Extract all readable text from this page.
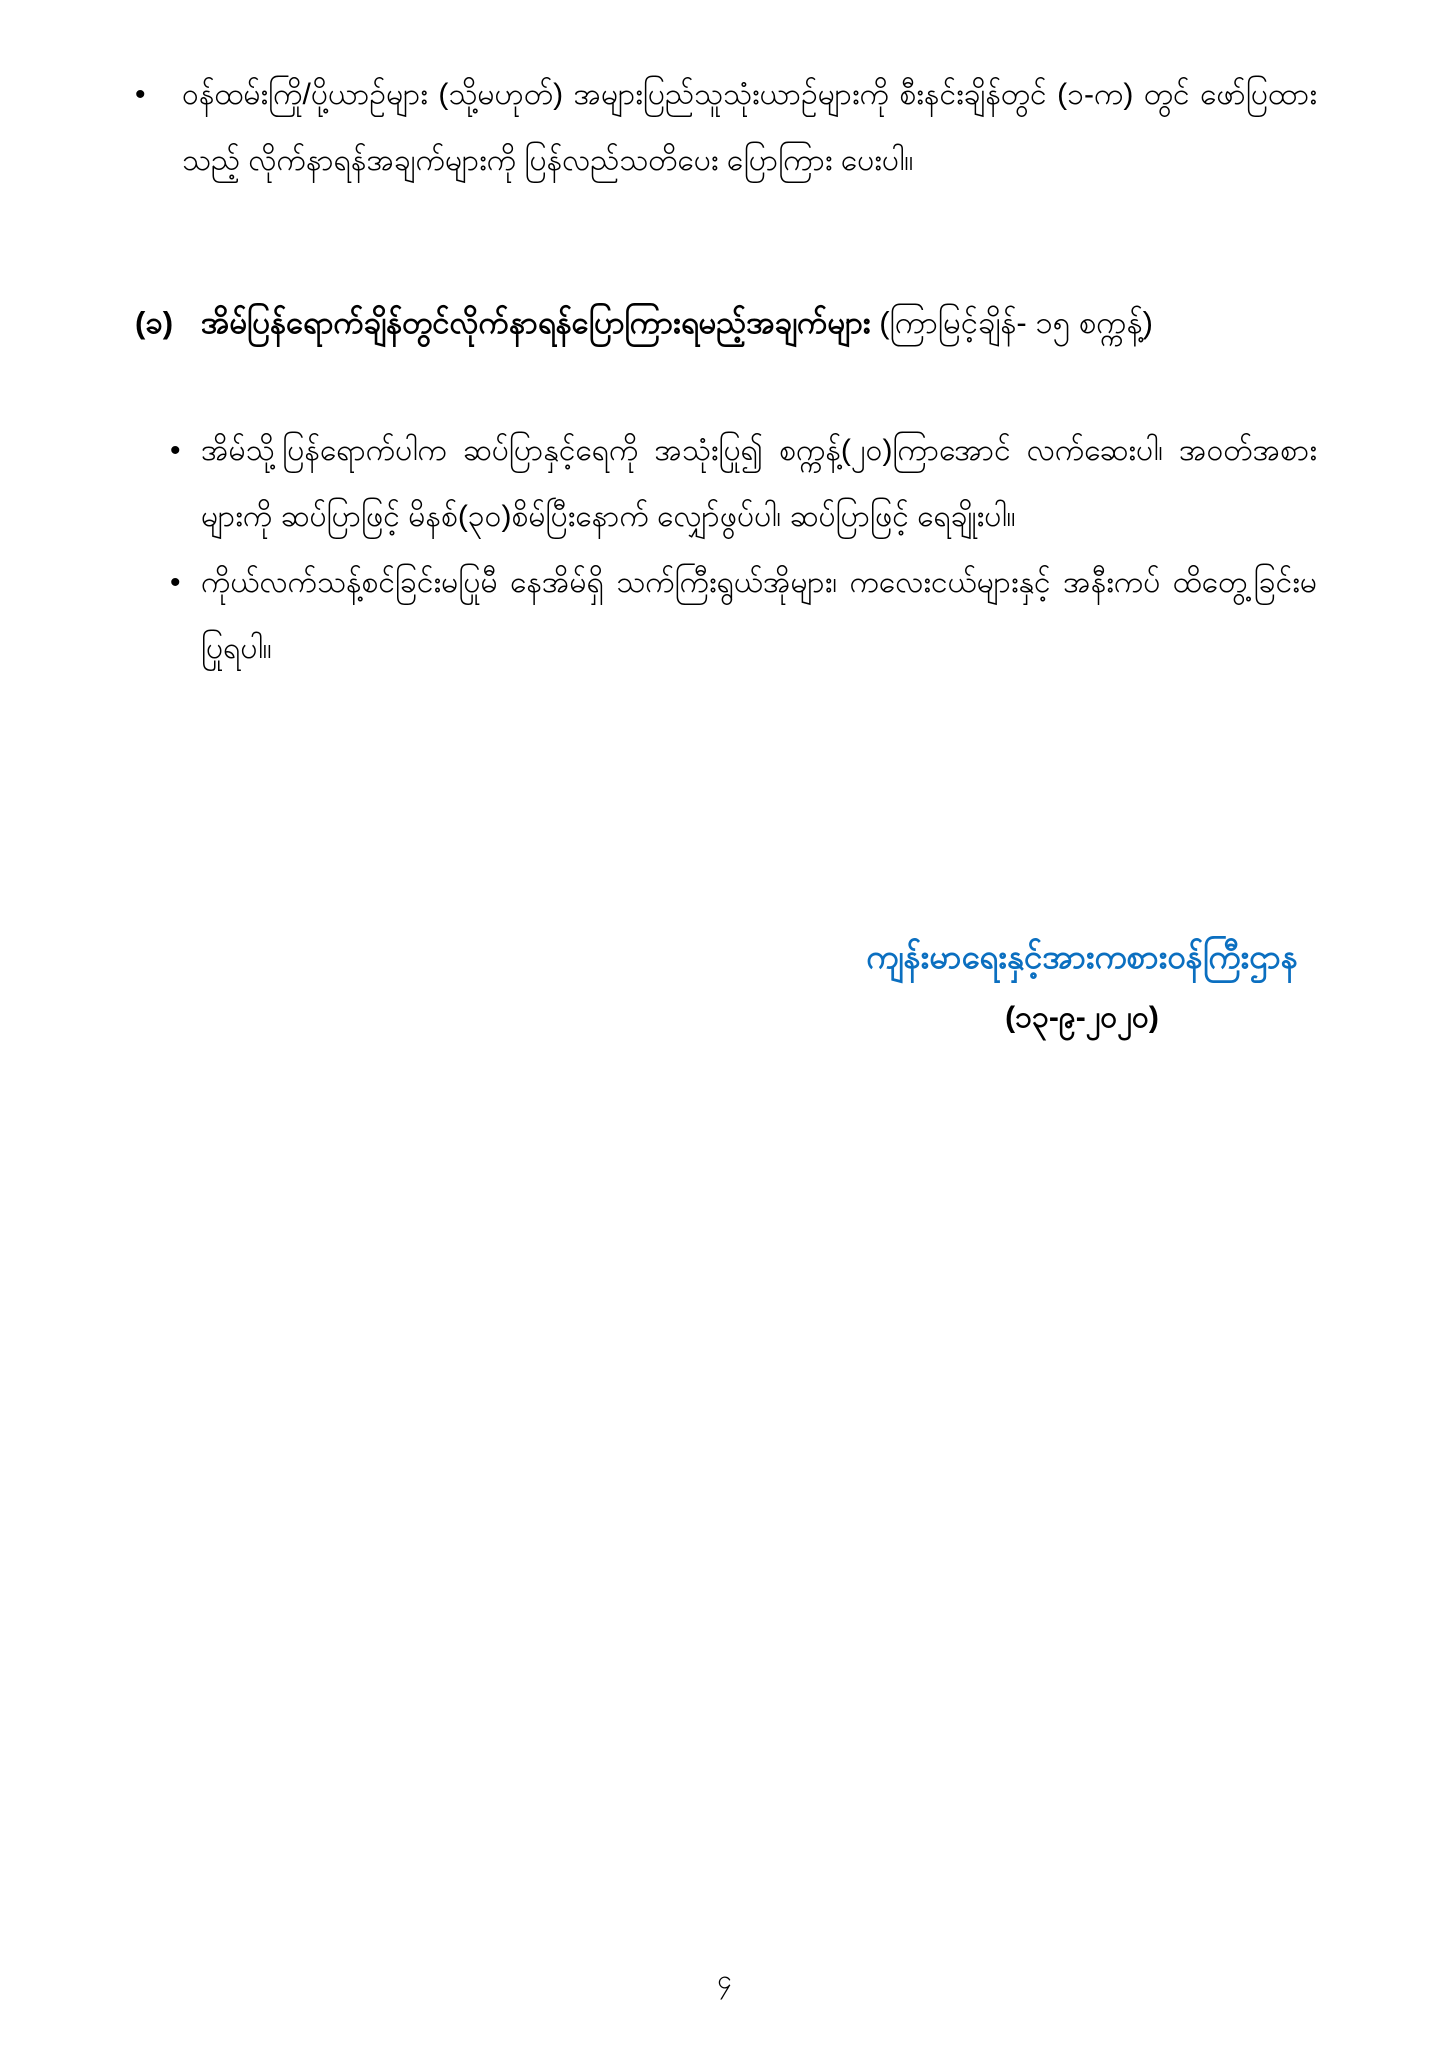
•	ဝန်ထမ်းကြို/ပို့ယာဉ်များ (သို့မဟုတ်) အများပြည်သူသုံးယာဉ်များကို စီးနင်းချိန်တွင် (၁-က) တွင် ဖော်ပြထားသည့် လိုက်နာရန်အချက်များကို ပြန်လည်သတိပေး ပြောကြား ပေးပါ။
(ခ) အိမ်ပြန်ရောက်ချိန်တွင်လိုက်နာရန်ပြောကြားရမည့်အချက်များ (ကြာမြင့်ချိန်- ၁၅ စက္ကန့်)
• အိမ်သို့ပြန်ရောက်ပါက ဆပ်ပြာနှင့်ရေကို အသုံးပြု၍ စက္ကန့်(၂၀)ကြာအောင် လက်ဆေးပါ၊ အဝတ်အစားများကို ဆပ်ပြာဖြင့် မိနစ်(၃၀)စိမ်ပြီးနောက် လျှော်ဖွပ်ပါ၊ ဆပ်ပြာဖြင့် ရေချိုးပါ။
• ကိုယ်လက်သန့်စင်ခြင်းမပြုမီ နေအိမ်ရှိ သက်ကြီးရွယ်အိုများ၊ ကလေးငယ်များနှင့် အနီးကပ် ထိတွေ့ခြင်းမပြုရပါ။
ကျန်းမာရေးနှင့်အားကစားဝန်ကြီးဌာန
(၁၃-၉-၂၀၂၀)
၄
